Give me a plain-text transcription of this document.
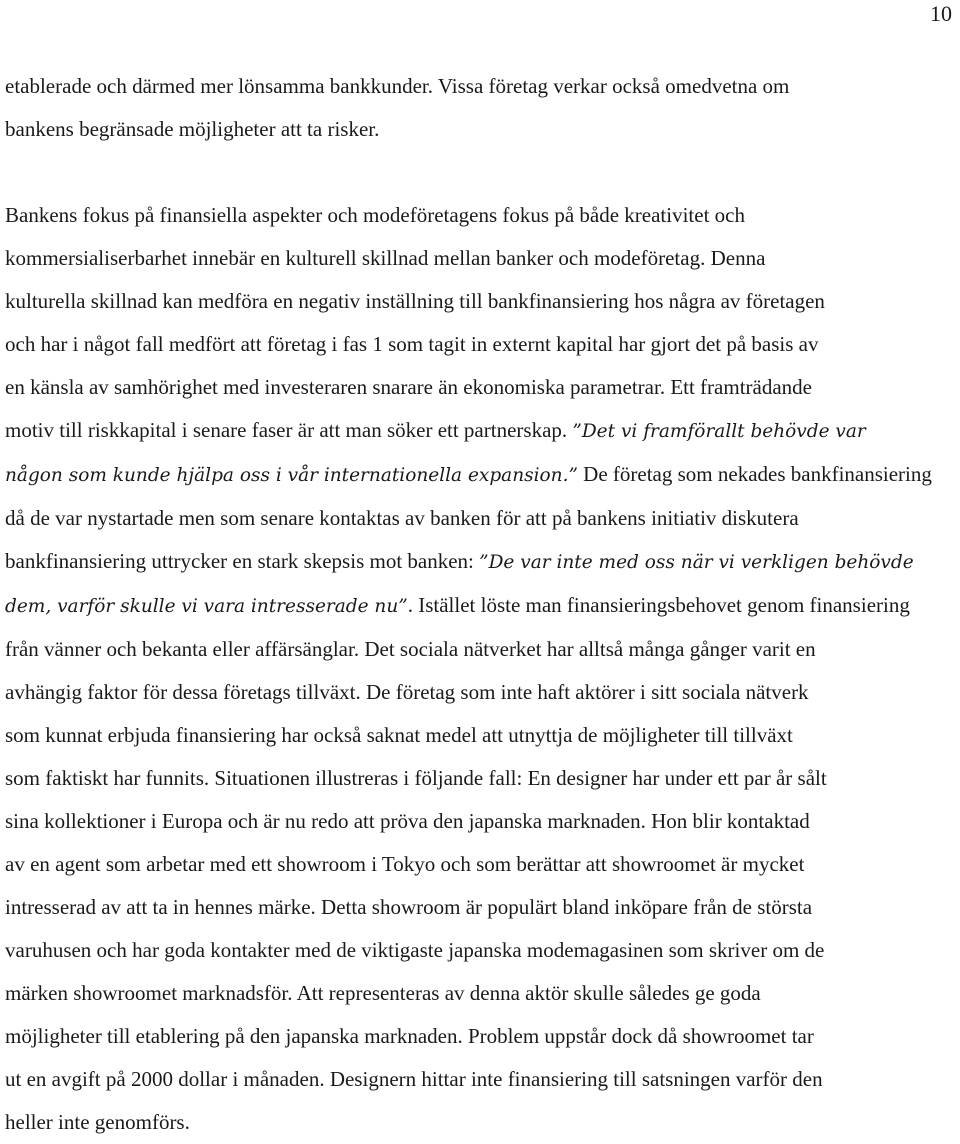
10
etablerade och därmed mer lönsamma bankkunder. Vissa företag verkar också omedvetna om
bankens begränsade möjligheter att ta risker.
Bankens fokus på finansiella aspekter och modeföretagens fokus på både kreativitet och
kommersialiserbarhet innebär en kulturell skillnad mellan banker och modeföretag. Denna
kulturella skillnad kan medföra en negativ inställning till bankfinansiering hos några av företagen
och har i något fall medfört att företag i fas 1 som tagit in externt kapital har gjort det på basis av
en känsla av samhörighet med investeraren snarare än ekonomiska parametrar. Ett framträdande
motiv till riskkapital i senare faser är att man söker ett partnerskap. ”Det vi framförallt behövde var
någon som kunde hjälpa oss i vår internationella expansion.” De företag som nekades bankfinansiering
då de var nystartade men som senare kontaktas av banken för att på bankens initiativ diskutera
bankfinansiering uttrycker en stark skepsis mot banken: ”De var inte med oss när vi verkligen behövde
dem, varför skulle vi vara intresserade nu”. Istället löste man finansieringsbehovet genom finansiering
från vänner och bekanta eller affärsänglar. Det sociala nätverket har alltså många gånger varit en
avhängig faktor för dessa företags tillväxt. De företag som inte haft aktörer i sitt sociala nätverk
som kunnat erbjuda finansiering har också saknat medel att utnyttja de möjligheter till tillväxt
som faktiskt har funnits. Situationen illustreras i följande fall: En designer har under ett par år sålt
sina kollektioner i Europa och är nu redo att pröva den japanska marknaden. Hon blir kontaktad
av en agent som arbetar med ett showroom i Tokyo och som berättar att showroomet är mycket
intresserad av att ta in hennes märke. Detta showroom är populärt bland inköpare från de största
varuhusen och har goda kontakter med de viktigaste japanska modemagasinen som skriver om de
märken showroomet marknadsför. Att representeras av denna aktör skulle således ge goda
möjligheter till etablering på den japanska marknaden. Problem uppstår dock då showroomet tar
ut en avgift på 2000 dollar i månaden. Designern hittar inte finansiering till satsningen varför den
heller inte genomförs.
